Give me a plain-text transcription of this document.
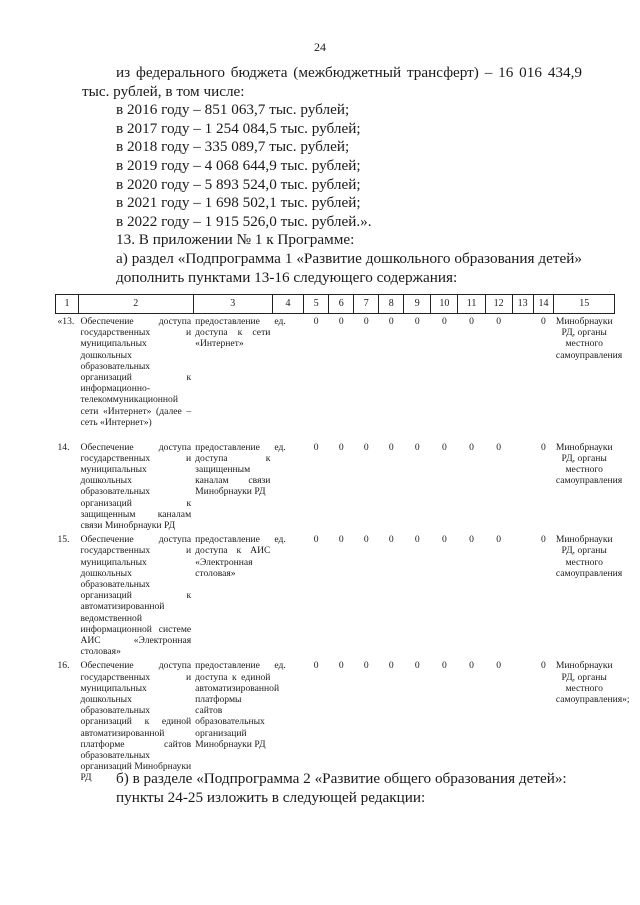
24
из федерального бюджета (межбюджетный трансферт) – 16 016 434,9 тыс. рублей, в том числе:
в 2016 году – 851 063,7 тыс. рублей;
в 2017 году – 1 254 084,5 тыс. рублей;
в 2018 году – 335 089,7 тыс. рублей;
в 2019 году – 4 068 644,9 тыс. рублей;
в 2020 году – 5 893 524,0 тыс. рублей;
в 2021 году – 1 698 502,1 тыс. рублей;
в 2022 году – 1 915 526,0 тыс. рублей.».
13. В приложении № 1 к Программе:
а) раздел «Подпрограмма 1 «Развитие дошкольного образования детей» дополнить пунктами 13-16 следующего содержания:
1	2	3	4	5	6	7	8	9	10	11	12	13	14	15
«13.	Обеспечение доступа государственных и муниципальных дошкольных образовательных организаций к информационно-телекоммуникационной сети «Интернет» (далее – сеть «Интернет»)	предоставление доступа к сети «Интернет»	ед.	0	0	0	0	0	0	0	0		0	Минобрнауки РД, органы местного самоуправления
14.	Обеспечение доступа государственных и муниципальных дошкольных образовательных организаций к защищенным каналам связи Минобрнауки РД	предоставление доступа к защищенным каналам связи Минобрнауки РД	ед.	0	0	0	0	0	0	0	0		0	Минобрнауки РД, органы местного самоуправления
15.	Обеспечение доступа государственных и муниципальных дошкольных образовательных организаций к автоматизированной ведомственной информационной системе АИС «Электронная столовая»	предоставление доступа к АИС «Электронная столовая»	ед.	0	0	0	0	0	0	0	0		0	Минобрнауки РД, органы местного самоуправления
16.	Обеспечение доступа государственных и муниципальных дошкольных образовательных организаций к единой автоматизированной платформе сайтов образовательных организаций Минобрнауки РД	предоставление доступа к единой автоматизированной платформы сайтов образовательных организаций Минобрнауки РД	ед.	0	0	0	0	0	0	0	0		0	Минобрнауки РД, органы местного самоуправления»;
б) в разделе «Подпрограмма 2 «Развитие общего образования детей»: пункты 24-25 изложить в следующей редакции:
